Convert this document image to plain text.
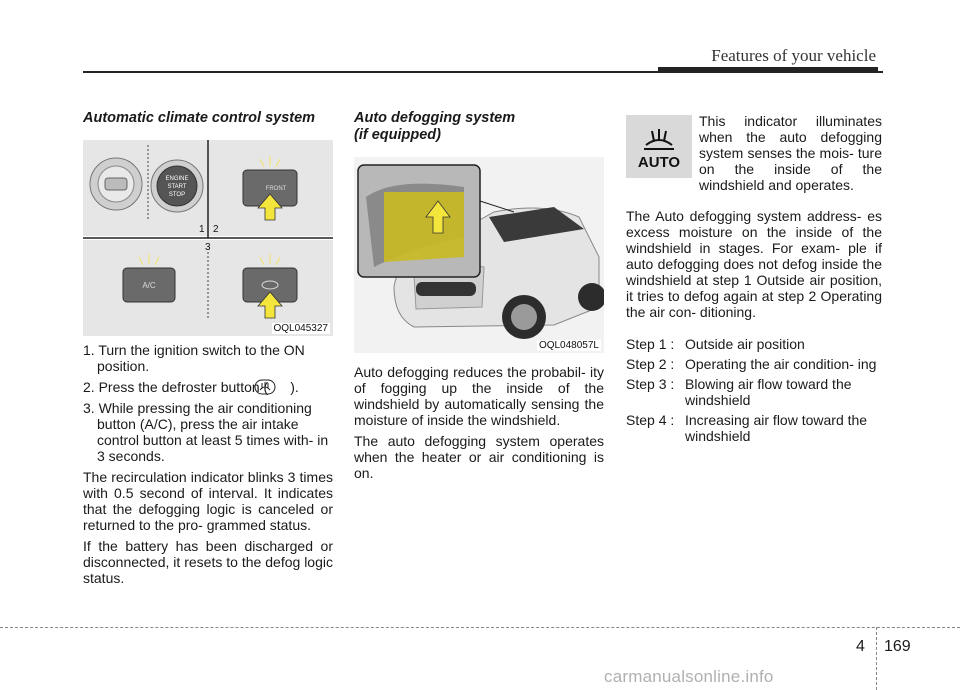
Features of your vehicle
Automatic climate control system
ENGINE
START
STOP
FRONT
A/C
1 2
3
OQL045327
1. Turn the ignition switch to the ON position.
2. Press the defroster button ( ).
3. While pressing the air conditioning button (A/C), press the air intake control button at least 5 times with- in 3 seconds.

The recirculation indicator blinks 3 times with 0.5 second of interval. It indicates that the defogging logic is canceled or returned to the pro- grammed status.

If the battery has been discharged or disconnected, it resets to the defog logic status.

Auto defogging system
(if equipped)
OQL048057L

Auto defogging reduces the probabil- ity of fogging up the inside of the windshield by automatically sensing the moisture of inside the windshield.

The auto defogging system operates when the heater or air conditioning is on.

AUTO

This indicator illuminates when the auto defogging system senses the mois- ture on the inside of the windshield and operates.

The Auto defogging system address- es excess moisture on the inside of the windshield in stages. For exam- ple if auto defogging does not defog inside the windshield at step 1 Outside air position, it tries to defog again at step 2 Operating the air con- ditioning.

Step 1 : Outside air position
Step 2 : Operating the air condition- ing
Step 3 : Blowing air flow toward the windshield
Step 4 : Increasing air flow toward the windshield
4 169
carmanualsonline.info
